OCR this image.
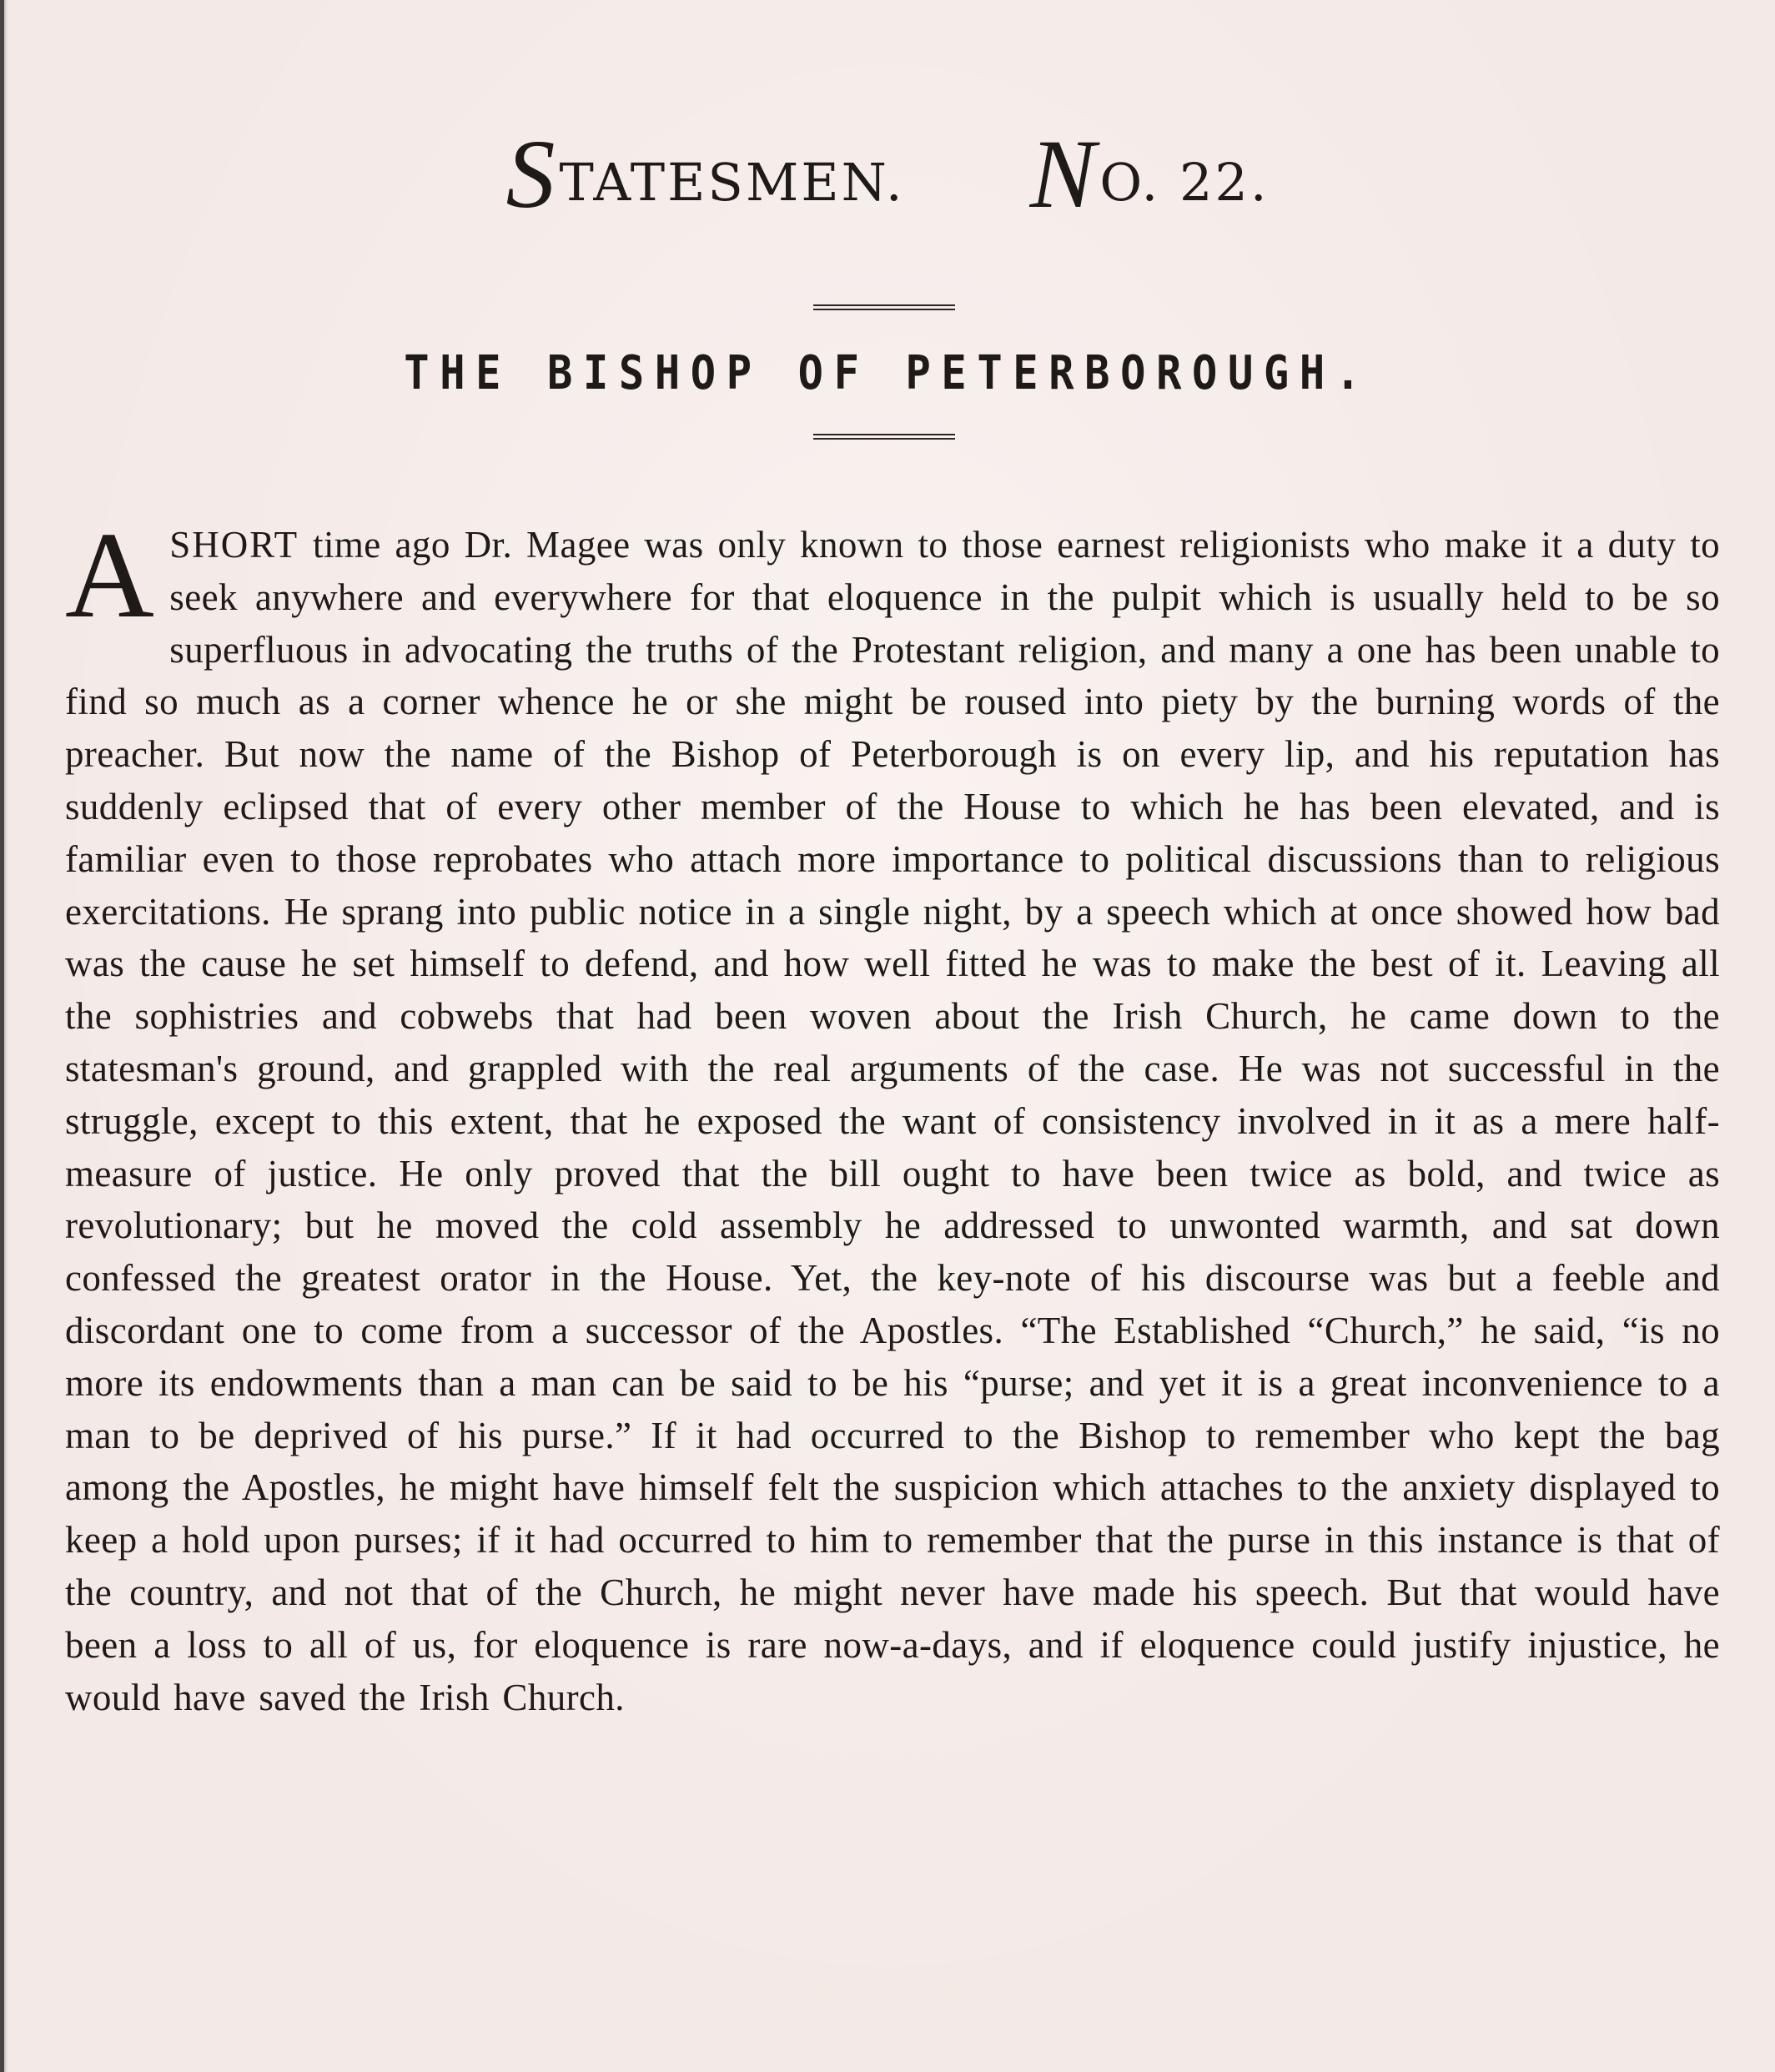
STATESMEN. NO. 22.
THE BISHOP OF PETERBOROUGH.
A SHORT time ago Dr. Magee was only known to those earnest religionists who make it a duty to seek anywhere and everywhere for that eloquence in the pulpit which is usually held to be so superfluous in advocating the truths of the Protestant religion, and many a one has been unable to find so much as a corner whence he or she might be roused into piety by the burning words of the preacher. But now the name of the Bishop of Peterborough is on every lip, and his reputation has suddenly eclipsed that of every other member of the House to which he has been elevated, and is familiar even to those reprobates who attach more importance to political discussions than to religious exercitations. He sprang into public notice in a single night, by a speech which at once showed how bad was the cause he set himself to defend, and how well fitted he was to make the best of it. Leaving all the sophistries and cobwebs that had been woven about the Irish Church, he came down to the statesman's ground, and grappled with the real arguments of the case. He was not successful in the struggle, except to this extent, that he exposed the want of consistency involved in it as a mere half-measure of justice. He only proved that the bill ought to have been twice as bold, and twice as revolutionary; but he moved the cold assembly he addressed to unwonted warmth, and sat down confessed the greatest orator in the House. Yet, the key-note of his discourse was but a feeble and discordant one to come from a successor of the Apostles. “The Established “Church,” he said, “is no more its endowments than a man can be said to be his “purse; and yet it is a great inconvenience to a man to be deprived of his purse.” If it had occurred to the Bishop to remember who kept the bag among the Apostles, he might have himself felt the suspicion which attaches to the anxiety displayed to keep a hold upon purses; if it had occurred to him to remember that the purse in this instance is that of the country, and not that of the Church, he might never have made his speech. But that would have been a loss to all of us, for eloquence is rare now-a-days, and if eloquence could justify injustice, he would have saved the Irish Church.
